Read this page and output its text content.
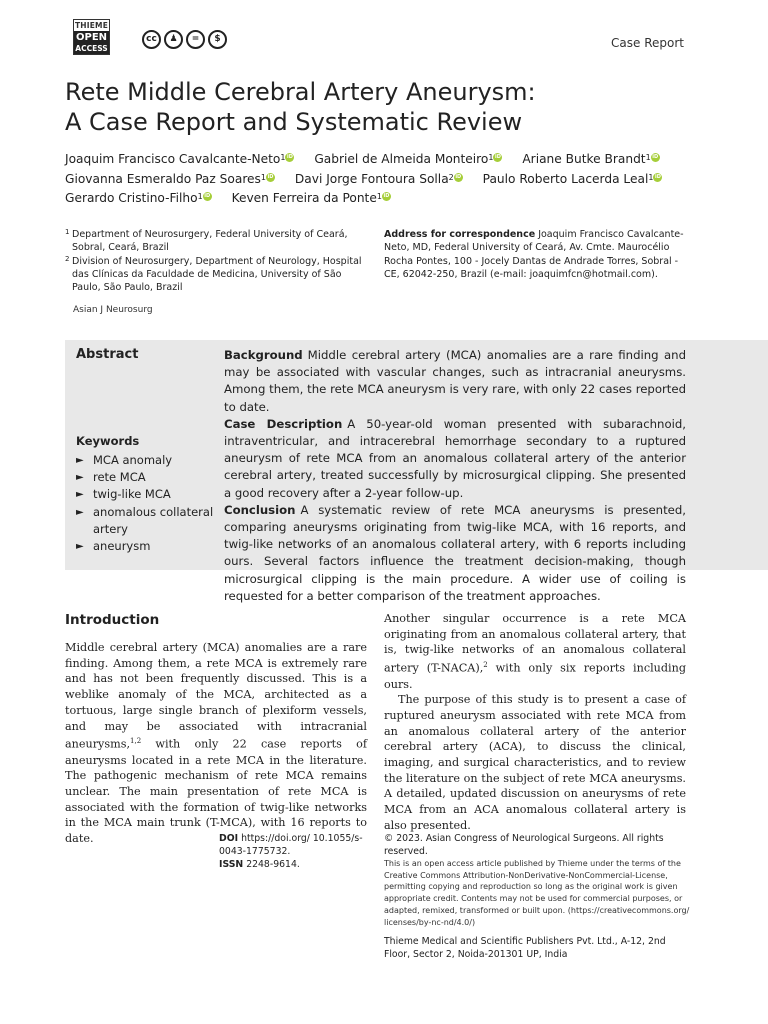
THIEME
OPEN
ACCESS
cc	♟	=	$	Case Report
Rete Middle Cerebral Artery Aneurysm:
A Case Report and Systematic Review
Joaquim Francisco Cavalcante-Neto$^1$ iD Gabriel de Almeida Monteiro$^1$ iD Ariane Butke Brandt$^1$ iD
Giovanna Esmeraldo Paz Soares$^1$ iD Davi Jorge Fontoura Solla$^2$ iD Paulo Roberto Lacerda Leal$^1$ iD
Gerardo Cristino-Filho$^1$ iD Keven Ferreira da Ponte$^1$ iD
1 Department of Neurosurgery, Federal University of Ceará, Sobral, Ceará, Brazil
2 Division of Neurosurgery, Department of Neurology, Hospital das Clínicas da Faculdade de Medicina, University of São Paulo, São Paulo, Brazil
Asian J Neurosurg
Address for correspondence Joaquim Francisco Cavalcante-Neto, MD, Federal University of Ceará, Av. Cmte. Maurocélio Rocha Pontes, 100 - Jocely Dantas de Andrade Torres, Sobral - CE, 62042-250, Brazil (e-mail: joaquimfcn@hotmail.com).
Abstract
Keywords
► MCA anomaly
► rete MCA
► twig-like MCA
► anomalous collateral artery
► aneurysm
Background Middle cerebral artery (MCA) anomalies are a rare finding and may be associated with vascular changes, such as intracranial aneurysms. Among them, the rete MCA aneurysm is very rare, with only 22 cases reported to date.
Case Description A 50-year-old woman presented with subarachnoid, intraventricular, and intracerebral hemorrhage secondary to a ruptured aneurysm of rete MCA from an anomalous collateral artery of the anterior cerebral artery, treated successfully by microsurgical clipping. She presented a good recovery after a 2-year follow-up.
Conclusion A systematic review of rete MCA aneurysms is presented, comparing aneurysms originating from twig-like MCA, with 16 reports, and twig-like networks of an anomalous collateral artery, with 6 reports including ours. Several factors influence the treatment decision-making, though microsurgical clipping is the main procedure. A wider use of coiling is requested for a better comparison of the treatment approaches.
Introduction

Middle cerebral artery (MCA) anomalies are a rare finding. Among them, a rete MCA is extremely rare and has not been frequently discussed. This is a weblike anomaly of the MCA, architected as a tortuous, large single branch of plexiform vessels, and may be associated with intracranial aneurysms,$^{1,2}$ with only 22 case reports of aneurysms located in a rete MCA in the literature. The pathogenic mechanism of rete MCA remains unclear. The main presentation of rete MCA is associated with the formation of twig-like networks in the MCA main trunk (T-MCA), with 16 reports to date.

Another singular occurrence is a rete MCA originating from an anomalous collateral artery, that is, twig-like networks of an anomalous collateral artery (T-NACA),$^2$ with only six reports including ours.

The purpose of this study is to present a case of ruptured aneurysm associated with rete MCA from an anomalous collateral artery of the anterior cerebral artery (ACA), to discuss the clinical, imaging, and surgical characteristics, and to review the literature on the subject of rete MCA aneurysms. A detailed, updated discussion on aneurysms of rete MCA from an ACA anomalous collateral artery is also presented.

DOI https://doi.org/ 10.1055/s-0043-1775732.
ISSN 2248-9614.
© 2023. Asian Congress of Neurological Surgeons. All rights reserved.
This is an open access article published by Thieme under the terms of the Creative Commons Attribution-NonDerivative-NonCommercial-License, permitting copying and reproduction so long as the original work is given appropriate credit. Contents may not be used for commercial purposes, or adapted, remixed, transformed or built upon. (https://creativecommons.org/ licenses/by-nc-nd/4.0/)
Thieme Medical and Scientific Publishers Pvt. Ltd., A-12, 2nd Floor, Sector 2, Noida-201301 UP, India
